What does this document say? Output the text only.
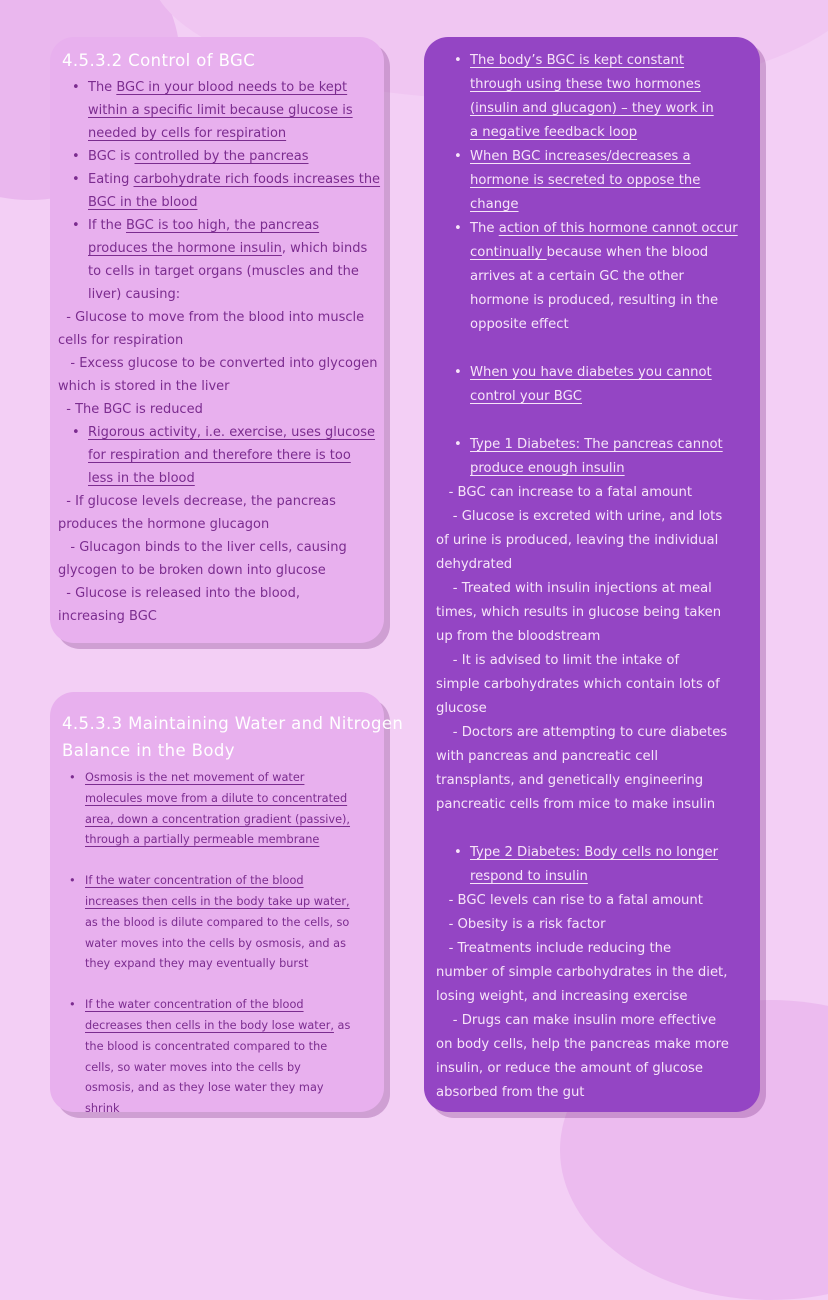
4.5.3.2 Control of BGC
• The BGC in your blood needs to be kept
within a specific limit because glucose is
needed by cells for respiration
• BGC is controlled by the pancreas
• Eating carbohydrate rich foods increases the
BGC in the blood
• If the BGC is too high, the pancreas
produces the hormone insulin, which binds
to cells in target organs (muscles and the
liver) causing:
- Glucose to move from the blood into muscle
cells for respiration
- Excess glucose to be converted into glycogen
which is stored in the liver
- The BGC is reduced
• Rigorous activity, i.e. exercise, uses glucose
for respiration and therefore there is too
less in the blood
- If glucose levels decrease, the pancreas
produces the hormone glucagon
- Glucagon binds to the liver cells, causing
glycogen to be broken down into glucose
- Glucose is released into the blood,
increasing BGC
4.5.3.3 Maintaining Water and Nitrogen
Balance in the Body
• Osmosis is the net movement of water
molecules move from a dilute to concentrated
area, down a concentration gradient (passive),
through a partially permeable membrane
• If the water concentration of the blood
increases then cells in the body take up water,
as the blood is dilute compared to the cells, so
water moves into the cells by osmosis, and as
they expand they may eventually burst
• If the water concentration of the blood
decreases then cells in the body lose water, as
the blood is concentrated compared to the
cells, so water moves into the cells by
osmosis, and as they lose water they may
shrink
• The body’s BGC is kept constant
through using these two hormones
(insulin and glucagon) – they work in
a negative feedback loop
• When BGC increases/decreases a
hormone is secreted to oppose the
change
• The action of this hormone cannot occur
continually because when the blood
arrives at a certain GC the other
hormone is produced, resulting in the
opposite effect
• When you have diabetes you cannot
control your BGC
• Type 1 Diabetes: The pancreas cannot
produce enough insulin
- BGC can increase to a fatal amount
- Glucose is excreted with urine, and lots
of urine is produced, leaving the individual
dehydrated
- Treated with insulin injections at meal
times, which results in glucose being taken
up from the bloodstream
- It is advised to limit the intake of
simple carbohydrates which contain lots of
glucose
- Doctors are attempting to cure diabetes
with pancreas and pancreatic cell
transplants, and genetically engineering
pancreatic cells from mice to make insulin
• Type 2 Diabetes: Body cells no longer
respond to insulin
- BGC levels can rise to a fatal amount
- Obesity is a risk factor
- Treatments include reducing the
number of simple carbohydrates in the diet,
losing weight, and increasing exercise
- Drugs can make insulin more effective
on body cells, help the pancreas make more
insulin, or reduce the amount of glucose
absorbed from the gut
